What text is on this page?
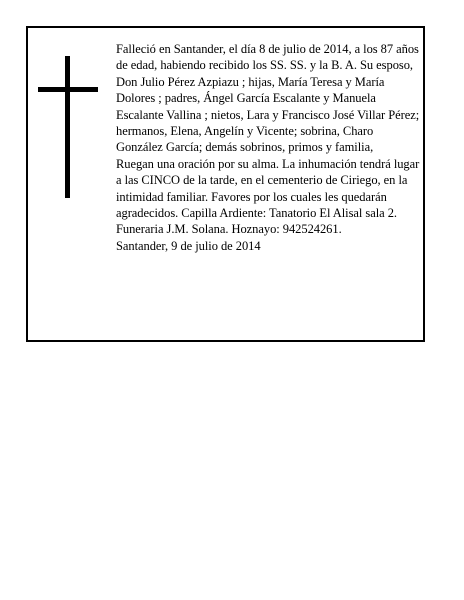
Falleció en Santander, el día 8 de julio de 2014, a los 87 años de edad, habiendo recibido los SS. SS. y la B. A. Su esposo, Don Julio Pérez Azpiazu ; hijas, María Teresa y María Dolores ; padres, Ángel García Escalante y Manuela Escalante Vallina ; nietos, Lara y Francisco José Villar Pérez; hermanos, Elena, Angelín y Vicente; sobrina, Charo González García; demás sobrinos, primos y familia,

Ruegan una oración por su alma. La inhumación tendrá lugar a las CINCO de la tarde, en el cementerio de Ciriego, en la intimidad familiar. Favores por los cuales les quedarán agradecidos. Capilla Ardiente: Tanatorio El Alisal sala 2.

Funeraria J.M. Solana. Hoznayo: 942524261.

Santander, 9 de julio de 2014
